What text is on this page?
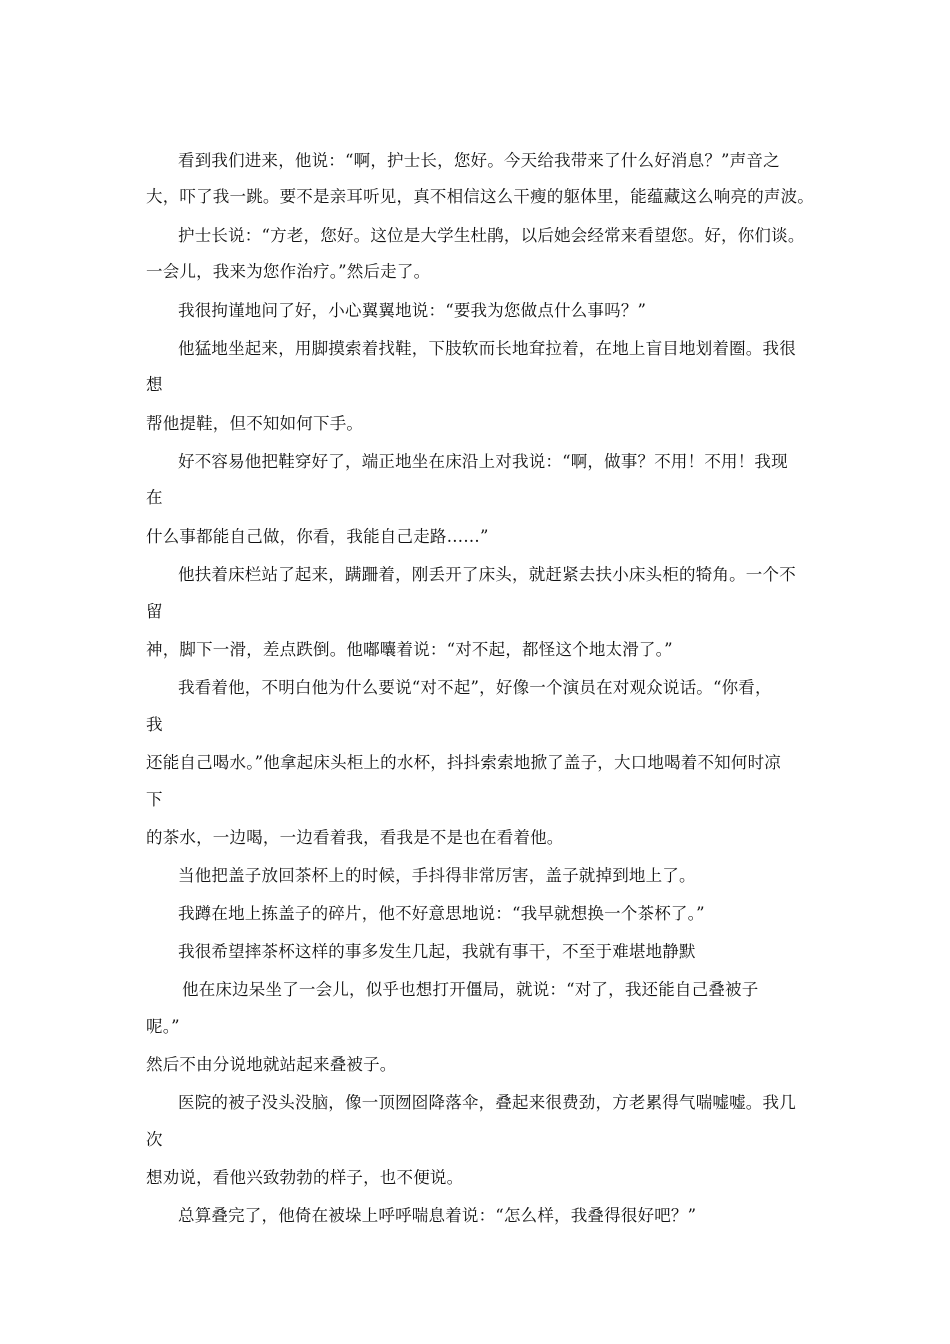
看到我们进来，他说：“啊，护士长，您好。今天给我带来了什么好消息？”声音之
大，吓了我一跳。要不是亲耳听见，真不相信这么干瘦的躯体里，能蕴藏这么响亮的声波。
护士长说：“方老，您好。这位是大学生杜鹃，以后她会经常来看望您。好，你们谈。
一会儿，我来为您作治疗。”然后走了。
我很拘谨地问了好，小心翼翼地说：“要我为您做点什么事吗？”
他猛地坐起来，用脚摸索着找鞋，下肢软而长地耷拉着，在地上盲目地划着圈。我很
想
帮他提鞋，但不知如何下手。
好不容易他把鞋穿好了，端正地坐在床沿上对我说：“啊，做事？不用！不用！我现
在
什么事都能自己做，你看，我能自己走路……”
他扶着床栏站了起来，蹒跚着，刚丢开了床头，就赶紧去扶小床头柜的犄角。一个不
留
神，脚下一滑，差点跌倒。他嘟囔着说：“对不起，都怪这个地太滑了。”
我看着他，不明白他为什么要说“对不起”，好像一个演员在对观众说话。“你看，
我
还能自己喝水。”他拿起床头柜上的水杯，抖抖索索地掀了盖子，大口地喝着不知何时凉
下
的茶水，一边喝，一边看着我，看我是不是也在看着他。
当他把盖子放回茶杯上的时候，手抖得非常厉害，盖子就掉到地上了。
我蹲在地上拣盖子的碎片，他不好意思地说：“我早就想换一个茶杯了。”
我很希望摔茶杯这样的事多发生几起，我就有事干，不至于难堪地静默
他在床边呆坐了一会儿，似乎也想打开僵局，就说：“对了，我还能自己叠被子
呢。”
然后不由分说地就站起来叠被子。
医院的被子没头没脑，像一顶囫囵降落伞，叠起来很费劲，方老累得气喘嘘嘘。我几
次
想劝说，看他兴致勃勃的样子，也不便说。
总算叠完了，他倚在被垛上呼呼喘息着说：“怎么样，我叠得很好吧？”
